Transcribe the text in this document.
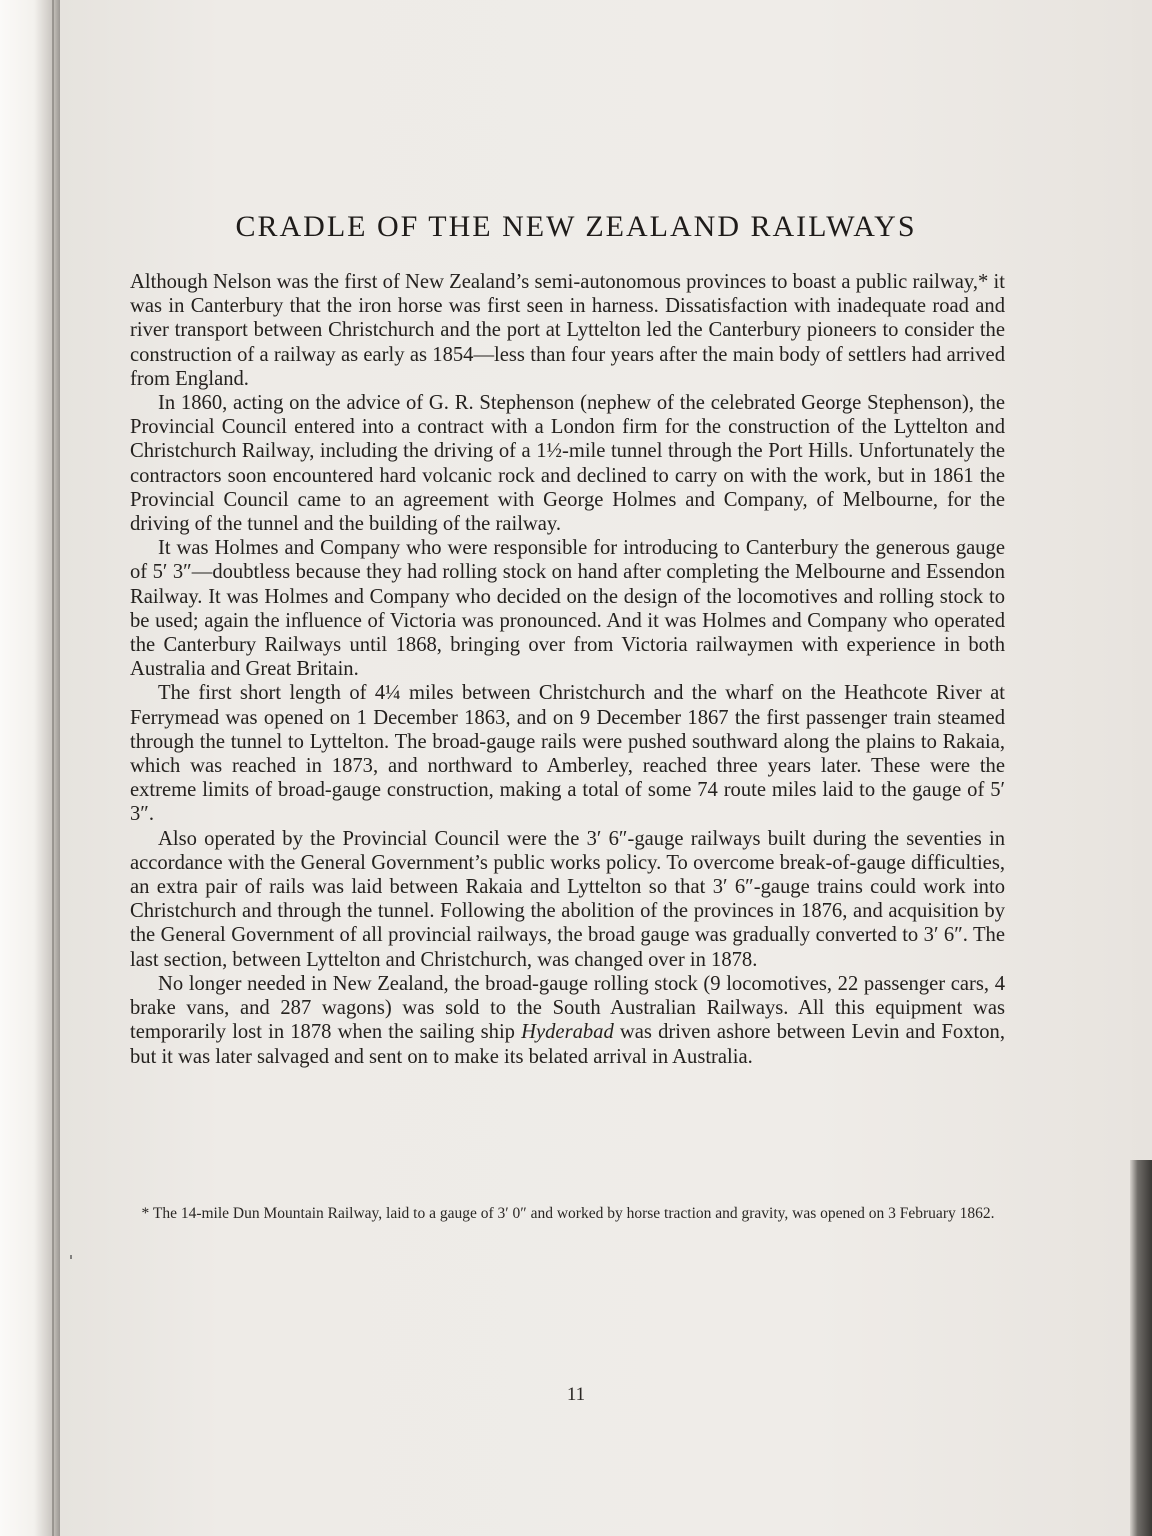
CRADLE OF THE NEW ZEALAND RAILWAYS

Although Nelson was the first of New Zealand’s semi-autonomous provinces to boast a public railway,* it was in Canterbury that the iron horse was first seen in harness. Dissatisfaction with inadequate road and river transport between Christchurch and the port at Lyttelton led the Canterbury pioneers to consider the construction of a railway as early as 1854—less than four years after the main body of settlers had arrived from England.

In 1860, acting on the advice of G. R. Stephenson (nephew of the celebrated George Stephenson), the Provincial Council entered into a contract with a London firm for the construction of the Lyttelton and Christchurch Railway, including the driving of a 1½-mile tunnel through the Port Hills. Unfortunately the contractors soon encountered hard volcanic rock and declined to carry on with the work, but in 1861 the Provincial Council came to an agreement with George Holmes and Company, of Melbourne, for the driving of the tunnel and the building of the railway.

It was Holmes and Company who were responsible for introducing to Canterbury the generous gauge of 5′ 3″—doubtless because they had rolling stock on hand after completing the Melbourne and Essendon Railway. It was Holmes and Company who decided on the design of the locomotives and rolling stock to be used; again the influence of Victoria was pronounced. And it was Holmes and Company who operated the Canterbury Railways until 1868, bringing over from Victoria railwaymen with experience in both Australia and Great Britain.

The first short length of 4¼ miles between Christchurch and the wharf on the Heathcote River at Ferrymead was opened on 1 December 1863, and on 9 December 1867 the first passenger train steamed through the tunnel to Lyttelton. The broad-gauge rails were pushed southward along the plains to Rakaia, which was reached in 1873, and northward to Amberley, reached three years later. These were the extreme limits of broad-gauge construction, making a total of some 74 route miles laid to the gauge of 5′ 3″.

Also operated by the Provincial Council were the 3′ 6″-gauge railways built during the seventies in accordance with the General Government’s public works policy. To overcome break-of-gauge difficulties, an extra pair of rails was laid between Rakaia and Lyttelton so that 3′ 6″-gauge trains could work into Christchurch and through the tunnel. Following the abolition of the provinces in 1876, and acquisition by the General Government of all provincial railways, the broad gauge was gradually converted to 3′ 6″. The last section, between Lyttelton and Christchurch, was changed over in 1878.

No longer needed in New Zealand, the broad-gauge rolling stock (9 locomotives, 22 passenger cars, 4 brake vans, and 287 wagons) was sold to the South Australian Railways. All this equipment was temporarily lost in 1878 when the sailing ship Hyderabad was driven ashore between Levin and Foxton, but it was later salvaged and sent on to make its belated arrival in Australia.

* The 14-mile Dun Mountain Railway, laid to a gauge of 3′ 0″ and worked by horse traction and gravity, was opened on 3 February 1862.
11
